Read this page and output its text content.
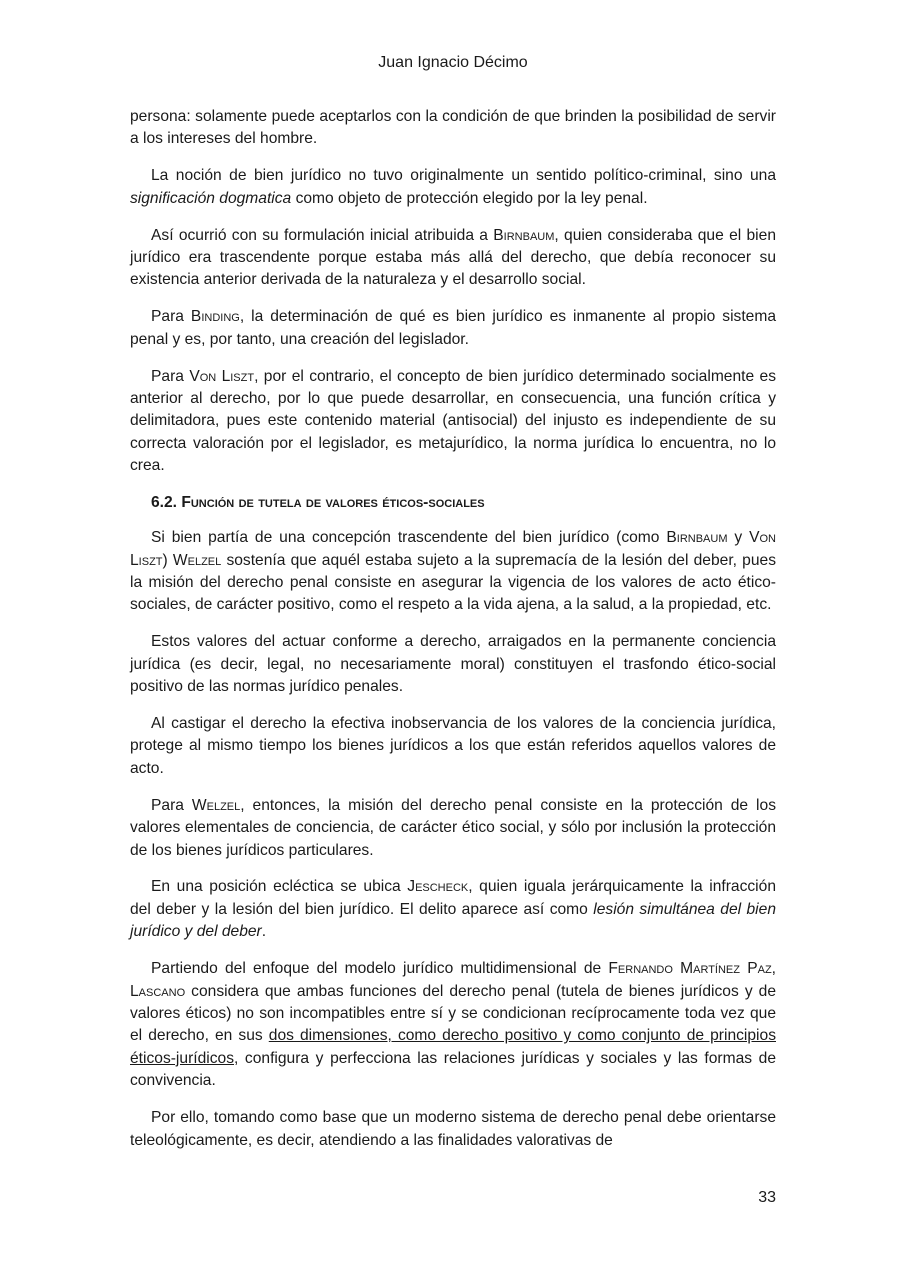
Juan Ignacio Décimo

persona: solamente puede aceptarlos con la condición de que brinden la posibilidad de servir a los intereses del hombre.

La noción de bien jurídico no tuvo originalmente un sentido político-criminal, sino una significación dogmatica como objeto de protección elegido por la ley penal.

Así ocurrió con su formulación inicial atribuida a Birnbaum, quien consideraba que el bien jurídico era trascendente porque estaba más allá del derecho, que debía reconocer su existencia anterior derivada de la naturaleza y el desarrollo social.

Para Binding, la determinación de qué es bien jurídico es inmanente al propio sistema penal y es, por tanto, una creación del legislador.

Para Von Liszt, por el contrario, el concepto de bien jurídico determinado socialmente es anterior al derecho, por lo que puede desarrollar, en consecuencia, una función crítica y delimitadora, pues este contenido material (antisocial) del injusto es independiente de su correcta valoración por el legislador, es metajurídico, la norma jurídica lo encuentra, no lo crea.

6.2. Función de tutela de valores éticos-sociales

Si bien partía de una concepción trascendente del bien jurídico (como Birnbaum y Von Liszt) Welzel sostenía que aquél estaba sujeto a la supremacía de la lesión del deber, pues la misión del derecho penal consiste en asegurar la vigencia de los valores de acto ético-sociales, de carácter positivo, como el respeto a la vida ajena, a la salud, a la propiedad, etc.

Estos valores del actuar conforme a derecho, arraigados en la permanente conciencia jurídica (es decir, legal, no necesariamente moral) constituyen el trasfondo ético-social positivo de las normas jurídico penales.

Al castigar el derecho la efectiva inobservancia de los valores de la conciencia jurídica, protege al mismo tiempo los bienes jurídicos a los que están referidos aquellos valores de acto.

Para Welzel, entonces, la misión del derecho penal consiste en la protección de los valores elementales de conciencia, de carácter ético social, y sólo por inclusión la protección de los bienes jurídicos particulares.

En una posición ecléctica se ubica Jescheck, quien iguala jerárquicamente la infracción del deber y la lesión del bien jurídico. El delito aparece así como lesión simultánea del bien jurídico y del deber.

Partiendo del enfoque del modelo jurídico multidimensional de Fernando Martínez Paz, Lascano considera que ambas funciones del derecho penal (tutela de bienes jurídicos y de valores éticos) no son incompatibles entre sí y se condicionan recíprocamente toda vez que el derecho, en sus dos dimensiones, como derecho positivo y como conjunto de principios éticos-jurídicos, configura y perfecciona las relaciones jurídicas y sociales y las formas de convivencia.

Por ello, tomando como base que un moderno sistema de derecho penal debe orientarse teleológicamente, es decir, atendiendo a las finalidades valorativas de

33
